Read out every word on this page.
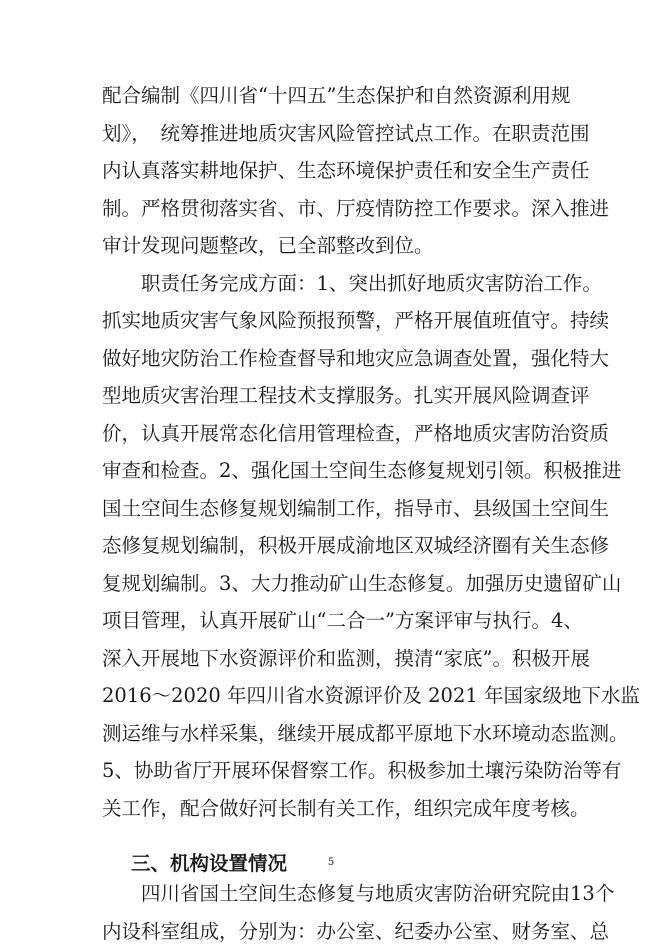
配合编制《四川省“十四五”生态保护和自然资源利用规
划》，　统筹推进地质灾害风险管控试点工作。在职责范围
内认真落实耕地保护、生态环境保护责任和安全生产责任
制。严格贯彻落实省、市、厅疫情防控工作要求。深入推进
审计发现问题整改，已全部整改到位。
　　职责任务完成方面：1、突出抓好地质灾害防治工作。
抓实地质灾害气象风险预报预警，严格开展值班值守。持续
做好地灾防治工作检查督导和地灾应急调查处置，强化特大
型地质灾害治理工程技术支撑服务。扎实开展风险调查评
价，认真开展常态化信用管理检查，严格地质灾害防治资质
审查和检查。2、强化国土空间生态修复规划引领。积极推进
国土空间生态修复规划编制工作，指导市、县级国土空间生
态修复规划编制，积极开展成渝地区双城经济圈有关生态修
复规划编制。3、大力推动矿山生态修复。加强历史遗留矿山
项目管理，认真开展矿山“二合一”方案评审与执行。4、
深入开展地下水资源评价和监测，摸清“家底”。积极开展
2016～2020 年四川省水资源评价及 2021 年国家级地下水监
测运维与水样采集，继续开展成都平原地下水环境动态监测。
5、协助省厅开展环保督察工作。积极参加土壤污染防治等有
关工作，配合做好河长制有关工作，组织完成年度考核。
三、机构设置情况
　　四川省国土空间生态修复与地质灾害防治研究院由13个
内设科室组成，分别为：办公室、纪委办公室、财务室、总
5
